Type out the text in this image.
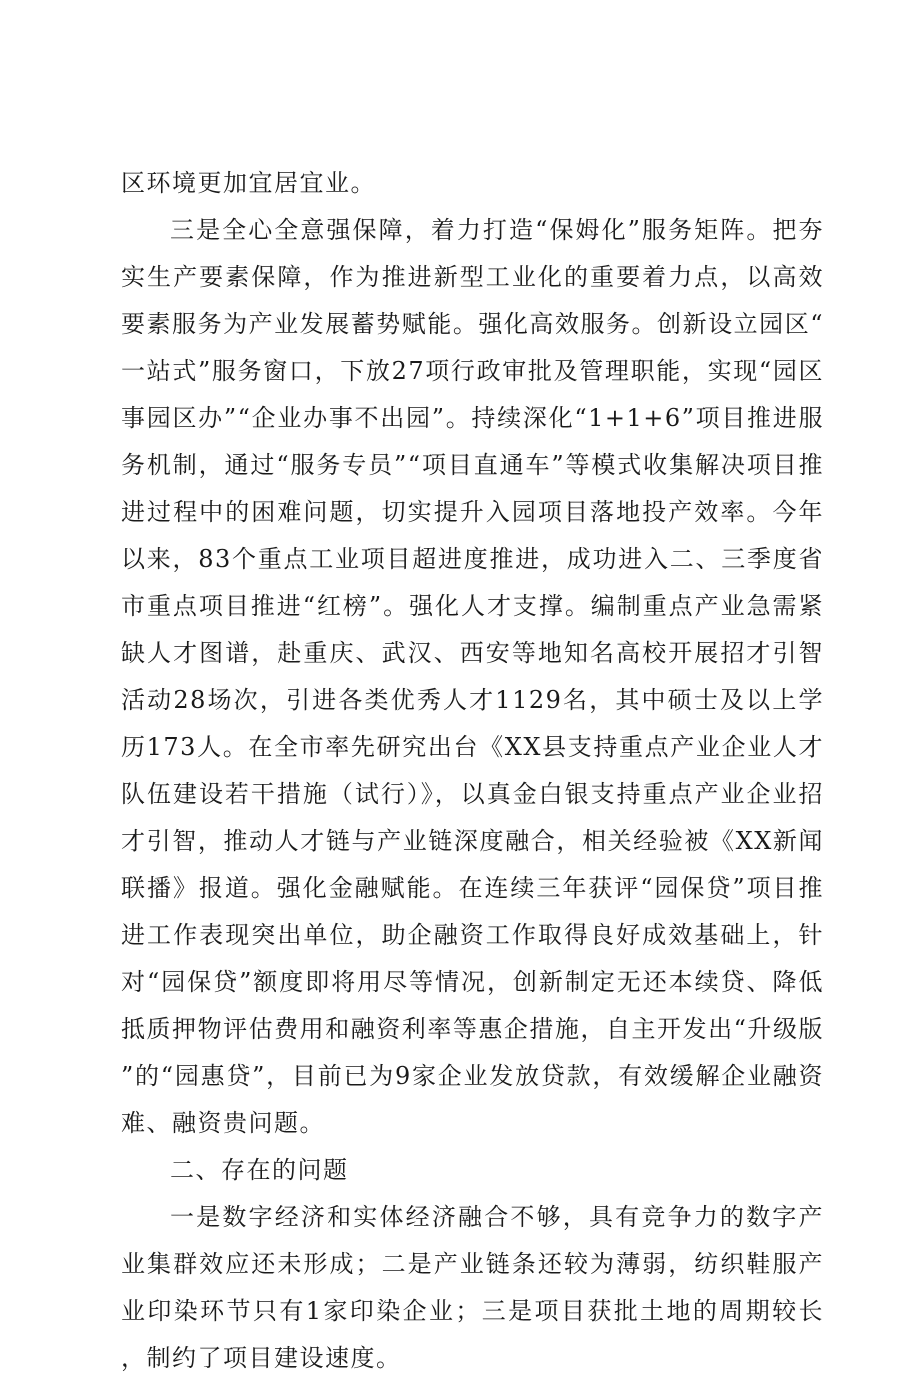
区环境更加宜居宜业。

三是全心全意强保障，着力打造“保姆化”服务矩阵。把夯实生产要素保障，作为推进新型工业化的重要着力点，以高效要素服务为产业发展蓄势赋能。强化高效服务。创新设立园区“一站式”服务窗口，下放27项行政审批及管理职能，实现“园区事园区办”“企业办事不出园”。持续深化“1+1+6”项目推进服务机制，通过“服务专员”“项目直通车”等模式收集解决项目推进过程中的困难问题，切实提升入园项目落地投产效率。今年以来，83个重点工业项目超进度推进，成功进入二、三季度省市重点项目推进“红榜”。强化人才支撑。编制重点产业急需紧缺人才图谱，赴重庆、武汉、西安等地知名高校开展招才引智活动28场次，引进各类优秀人才1129名，其中硕士及以上学历173人。在全市率先研究出台《XX县支持重点产业企业人才队伍建设若干措施（试行）》，以真金白银支持重点产业企业招才引智，推动人才链与产业链深度融合，相关经验被《XX新闻联播》报道。强化金融赋能。在连续三年获评“园保贷”项目推进工作表现突出单位，助企融资工作取得良好成效基础上，针对“园保贷”额度即将用尽等情况，创新制定无还本续贷、降低抵质押物评估费用和融资利率等惠企措施，自主开发出“升级版”的“园惠贷”，目前已为9家企业发放贷款，有效缓解企业融资难、融资贵问题。

二、存在的问题

一是数字经济和实体经济融合不够，具有竞争力的数字产业集群效应还未形成；二是产业链条还较为薄弱，纺织鞋服产业印染环节只有1家印染企业；三是项目获批土地的周期较长，制约了项目建设速度。
